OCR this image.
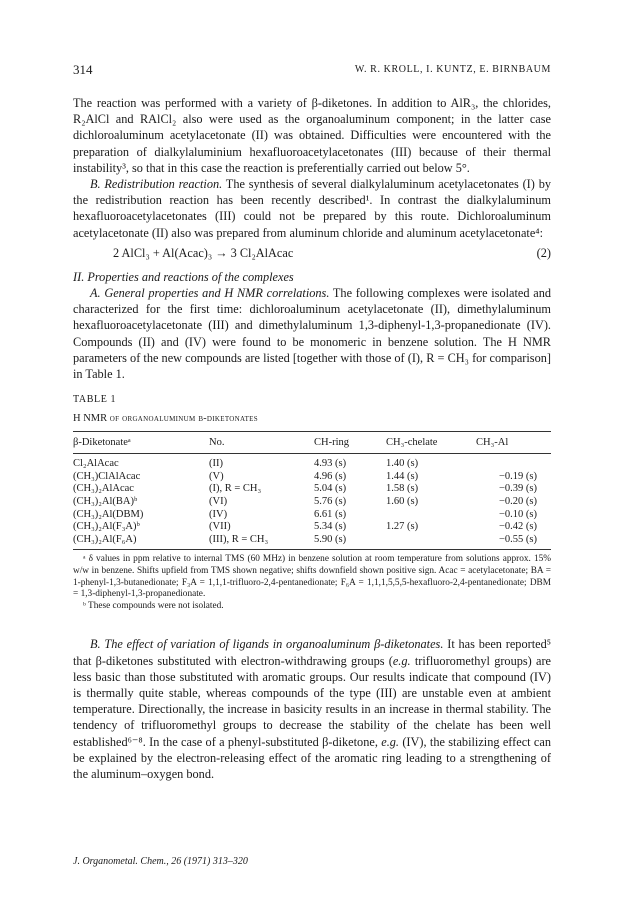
314	W. R. KROLL, I. KUNTZ, E. BIRNBAUM

The reaction was performed with a variety of β-diketones. In addition to AlR₃, the chlorides, R₂AlCl and RAlCl₂ also were used as the organoaluminum component; in the latter case dichloroaluminum acetylacetonate (II) was obtained. Difficulties were encountered with the preparation of dialkylaluminium hexafluoroacetylacetonates (III) because of their thermal instability³, so that in this case the reaction is preferentially carried out below 5°.

B. Redistribution reaction. The synthesis of several dialkylaluminum acetylacetonates (I) by the redistribution reaction has been recently described¹. In contrast the dialkylaluminum hexafluoroacetylacetonates (III) could not be prepared by this route. Dichloroaluminum acetylacetonate (II) also was prepared from aluminum chloride and aluminum acetylacetonate⁴:

2 AlCl₃ + Al(Acac)₃ → 3 Cl₂AlAcac	(2)

II. Properties and reactions of the complexes

A. General properties and H NMR correlations. The following complexes were isolated and characterized for the first time: dichloroaluminum acetylacetonate (II), dimethylaluminum hexafluoroacetylacetonate (III) and dimethylaluminum 1,3-diphenyl-1,3-propanedionate (IV). Compounds (II) and (IV) were found to be monomeric in benzene solution. The H NMR parameters of the new compounds are listed [together with those of (I), R = CH₃ for comparison] in Table 1.

TABLE 1
H NMR of organoaluminum β-diketonates
β-Diketonateᵃ	No.	CH-ring	CH₃-chelate	CH₃-Al
Cl₂AlAcac	(II)	4.93 (s)	1.40 (s)	
(CH₃)ClAlAcac	(V)	4.96 (s)	1.44 (s)	−0.19 (s)
(CH₃)₂AlAcac	(I), R = CH₃	5.04 (s)	1.58 (s)	−0.39 (s)
(CH₃)₂Al(BA)ᵇ	(VI)	5.76 (s)	1.60 (s)	−0.20 (s)
(CH₃)₂Al(DBM)	(IV)	6.61 (s)		−0.10 (s)
(CH₃)₂Al(F₃A)ᵇ	(VII)	5.34 (s)	1.27 (s)	−0.42 (s)
(CH₃)₂Al(F₆A)	(III), R = CH₃	5.90 (s)		−0.55 (s)

ᵃ δ values in ppm relative to internal TMS (60 MHz) in benzene solution at room temperature from solutions approx. 15% w/w in benzene. Shifts upfield from TMS shown negative; shifts downfield shown positive sign. Acac = acetylacetonate; BA = 1-phenyl-1,3-butanedionate; F₃A = 1,1,1-trifluoro-2,4-pentanedionate; F₆A = 1,1,1,5,5,5-hexafluoro-2,4-pentanedionate; DBM = 1,3-diphenyl-1,3-propanedionate.

ᵇ These compounds were not isolated.

B. The effect of variation of ligands in organoaluminum β-diketonates. It has been reported⁵ that β-diketones substituted with electron-withdrawing groups (e.g. trifluoromethyl groups) are less basic than those substituted with aromatic groups. Our results indicate that compound (IV) is thermally quite stable, whereas compounds of the type (III) are unstable even at ambient temperature. Directionally, the increase in basicity results in an increase in thermal stability. The tendency of trifluoromethyl groups to decrease the stability of the chelate has been well established⁶⁻⁸. In the case of a phenyl-substituted β-diketone, e.g. (IV), the stabilizing effect can be explained by the electron-releasing effect of the aromatic ring leading to a strengthening of the aluminum–oxygen bond.

J. Organometal. Chem., 26 (1971) 313–320
